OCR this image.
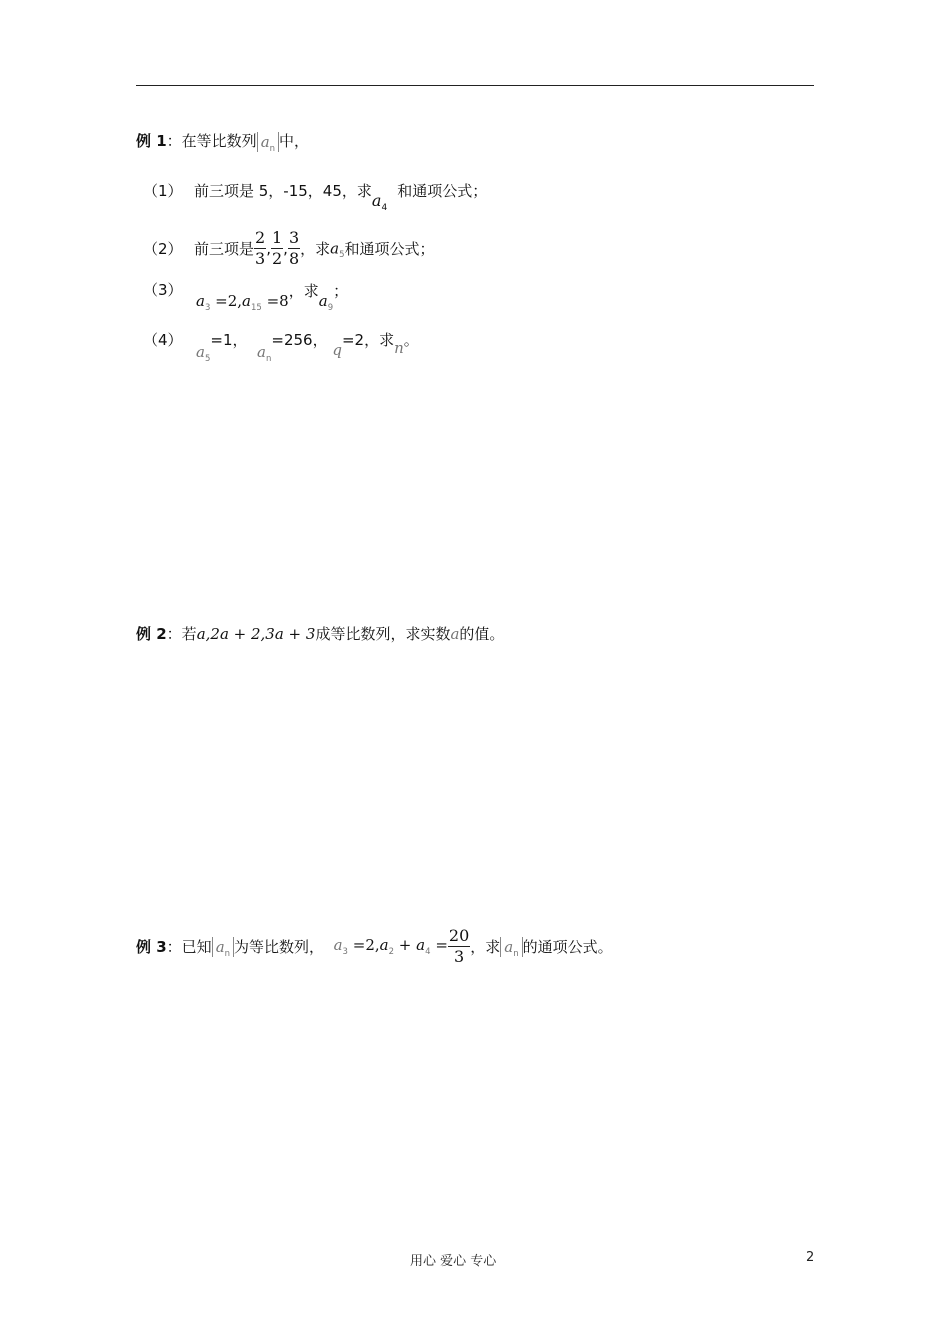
例 1：在等比数列 $a_n$ 中，
（1） 前三项是 5，-15，45，求$a_4$和通项公式；
（2） 前三项是 $\frac{2}{3}$ , $\frac{1}{2}$ , $\frac{3}{8}$ ，求$a_5$和通项公式；
（3）
$a_3 =2,a_{15} =8$，求$a_9$；
（4）
$a_5=1$，  $a_n=256$， q=2，求n。
例 2：若a,2a + 2,3a + 3成等比数列，求实数a的值。
例 3：已知 $a_n$ 为等比数列， $a_3 =2,a_2 + a_4 = \frac{20}{3}$ ，求 $a_n$ 的通项公式。
用心 爱心 专心	2
